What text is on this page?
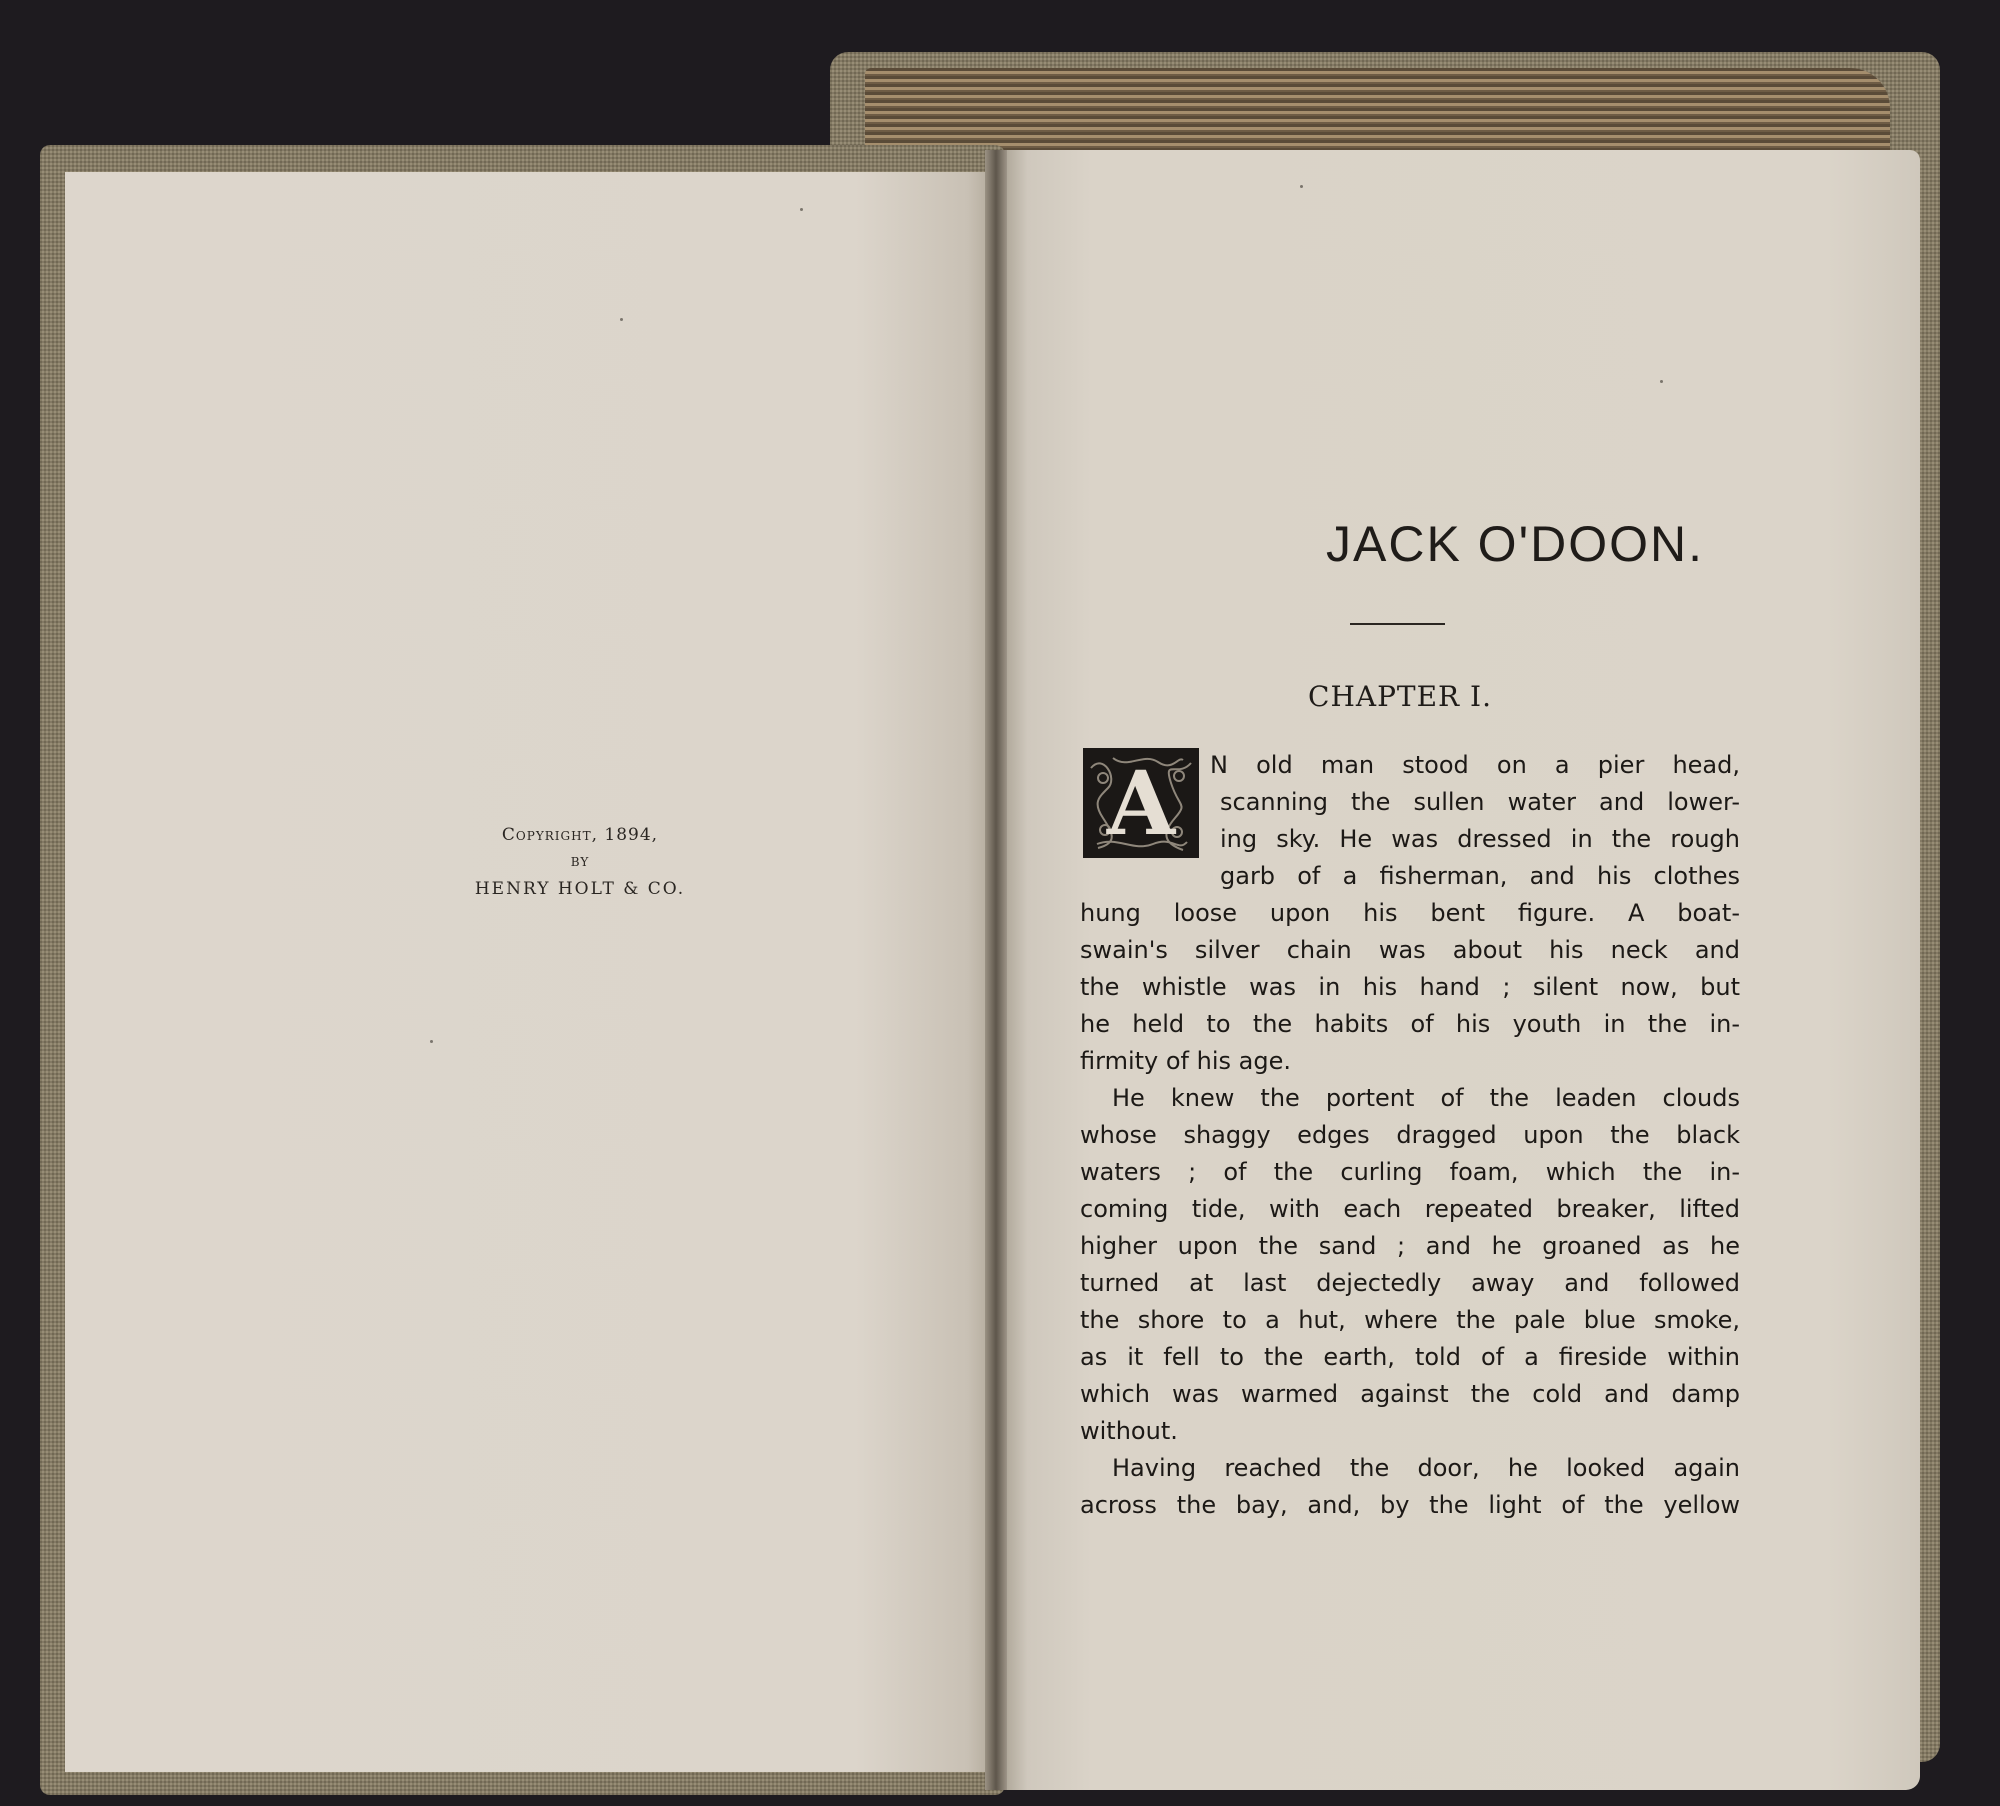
Copyright, 1894,
BY
HENRY HOLT & CO.
JACK O'DOON.
CHAPTER I.
A N old man stood on a pier head,

scanning the sullen water and lower-

ing sky. He was dressed in the rough

garb of a fisherman, and his clothes

hung loose upon his bent figure. A boat-

swain's silver chain was about his neck and

the whistle was in his hand ; silent now, but

he held to the habits of his youth in the in-

firmity of his age.

He knew the portent of the leaden clouds

whose shaggy edges dragged upon the black

waters ; of the curling foam, which the in-

coming tide, with each repeated breaker, lifted

higher upon the sand ; and he groaned as he

turned at last dejectedly away and followed

the shore to a hut, where the pale blue smoke,

as it fell to the earth, told of a fireside within

which was warmed against the cold and damp

without.

Having reached the door, he looked again

across the bay, and, by the light of the yellow
